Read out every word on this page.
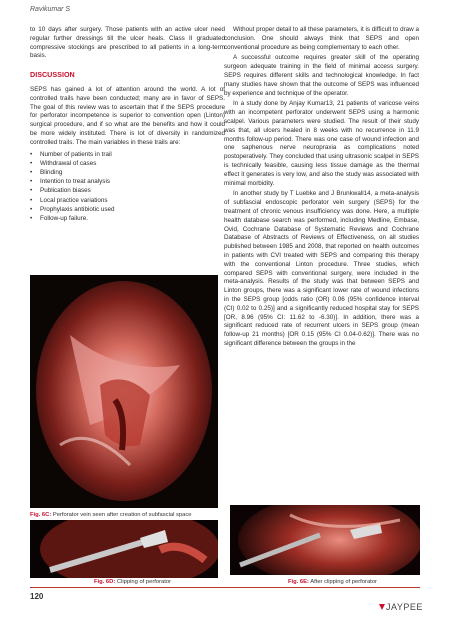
Ravikumar S

to 10 days after surgery. Those patients with an active ulcer need regular further dressings till the ulcer heals. Class II graduated compressive stockings are prescribed to all patients in a long-term basis.

DISCUSSION

SEPS has gained a lot of attention around the world. A lot of controlled trails have been conducted; many are in favor of SEPS. The goal of this review was to ascertain that if the SEPS procedure for perforator incompetence is superior to convention open (Linton) surgical procedure, and if so what are the benefits and how it could be more widely instituted. There is lot of diversity in randomized controlled trails. The main variables in these trails are:

• Number of patients in trail
• Withdrawal of cases
• Blinding
• Intention to treat analysis
• Publication biases
• Local practice variations
• Prophylaxis antibiotic used
• Follow-up failure.

Without proper detail to all these parameters, it is difficult to draw a conclusion. One should always think that SEPS and open conventional procedure as being complementary to each other.

A successful outcome requires greater skill of the operating surgeon adequate training in the field of minimal access surgery. SEPS requires different skills and technological knowledge. In fact many studies have shown that the outcome of SEPS was influenced by experience and technique of the operator.

In a study done by Anjay Kumar13, 21 patients of varicose veins with an incompetent perforator underwent SEPS using a harmonic scalpel. Various parameters were studied. The result of their study was that, all ulcers healed in 8 weeks with no recurrence in 11.9 months follow-up period. There was one case of wound infection and one saphenous nerve neuropraxia as complications noted postoperatively. They concluded that using ultrasonic scalpel in SEPS is technically feasible, causing less tissue damage as the thermal effect it generates is very low, and also the study was associated with minimal morbidity.

In another study by T Luebke and J Brunkwall14, a meta-analysis of subfascial endoscopic perforator vein surgery (SEPS) for the treatment of chronic venous insufficiency was done. Here, a multiple health database search was performed, including Medline, Embase, Ovid, Cochrane Database of Systematic Reviews and Cochrane Database of Abstracts of Reviews of Effectiveness, on all studies published between 1985 and 2008, that reported on health outcomes in patients with CVI treated with SEPS and comparing this therapy with the conventional Linton procedure. Three studies, which compared SEPS with conventional surgery, were included in the meta-analysis. Results of the study was that between SEPS and Linton groups, there was a significant lower rate of wound infections in the SEPS group [odds ratio (OR) 0.06 (95% confidence interval (CI) 0.02 to 0.25)] and a significantly reduced hospital stay for SEPS [OR, 8.96 (95% CI: 11.62 to -6.30)]. In addition, there was a significant reduced rate of recurrent ulcers in SEPS group (mean follow-up 21 months) [OR 0.15 (95% CI 0.04-0.62)]. There was no significant difference between the groups in the

Fig. 6C: Perforator vein seen after creation of subfascial space
Fig. 6D: Clipping of perforator	Fig. 6E: After clipping of perforator
120
JAYPEE
